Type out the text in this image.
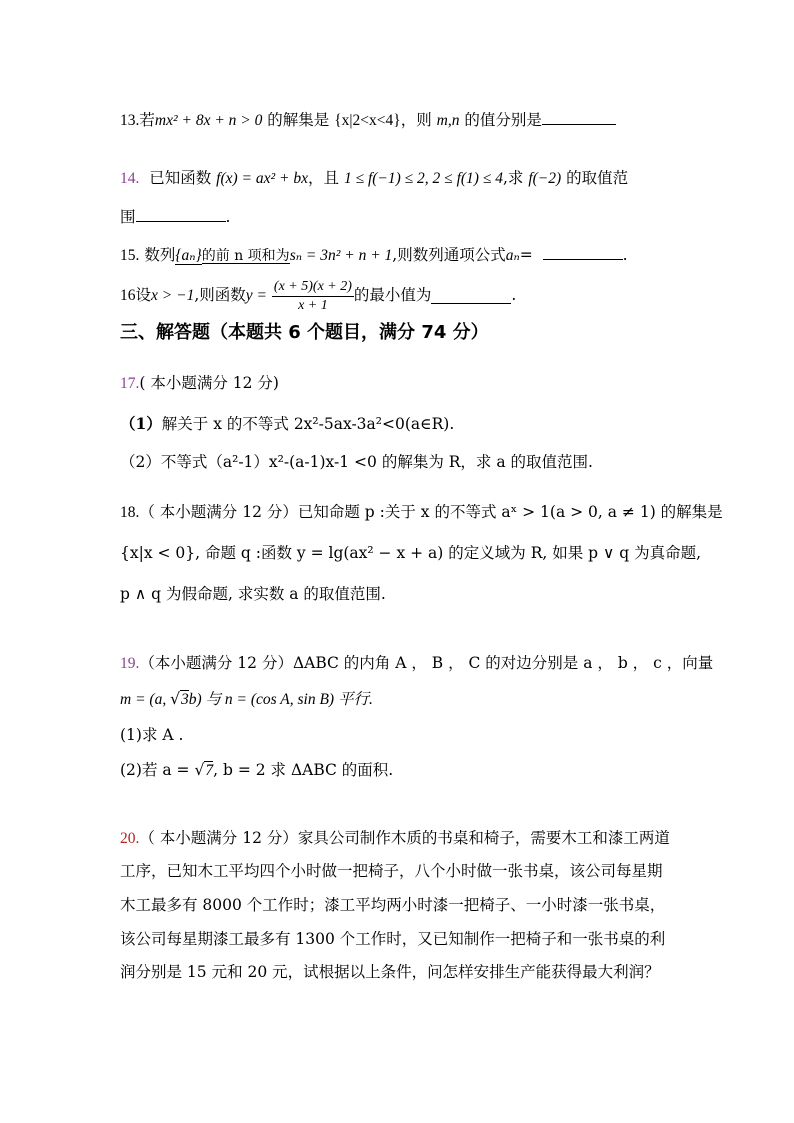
13.若mx² + 8x + n > 0 的解集是 {x|2<x<4}，则 m,n 的值分别是
14. 已知函数 f(x) = ax² + bx，且 1 ≤ f(−1) ≤ 2, 2 ≤ f(1) ≤ 4,求 f(−2) 的取值范
围	.
15. 数列{aₙ}的前 n 项和为sₙ = 3n² + n + 1,则数列通项公式aₙ=	.
16 设 x > −1 ,则函数 y =
$\frac{(x + 5)(x + 2)}{x + 1}$ 的最小值为	.
三、解答题（本题共 6 个题目，满分 74 分）
17.( 本小题满分 12 分)
（1）解关于 x 的不等式 2x²-5ax-3a²<0(a∈R).
（2）不等式（a²-1）x²-(a-1)x-1 <0 的解集为 R，求 a 的取值范围.
18.（ 本小题满分 12 分）已知命题 p :关于 x 的不等式 aˣ > 1(a > 0, a ≠ 1) 的解集是
{x|x < 0}, 命题 q :函数 y = lg(ax² − x + a) 的定义域为 R, 如果 p ∨ q 为真命题,
p ∧ q 为假命题, 求实数 a 的取值范围.
19.（本小题满分 12 分）ΔABC 的内角 A ， B ， C 的对边分别是 a ， b ， c ，向量
m = (a, √3b) 与 n = (cos A, sin B) 平行.
(1)求 A .
(2)若 a = √7, b = 2 求 ΔABC 的面积.
20.（ 本小题满分 12 分）家具公司制作木质的书桌和椅子，需要木工和漆工两道
工序，已知木工平均四个小时做一把椅子，八个小时做一张书桌，该公司每星期
木工最多有 8000 个工作时；漆工平均两小时漆一把椅子、一小时漆一张书桌，
该公司每星期漆工最多有 1300 个工作时，又已知制作一把椅子和一张书桌的利
润分别是 15 元和 20 元，试根据以上条件，问怎样安排生产能获得最大利润？
